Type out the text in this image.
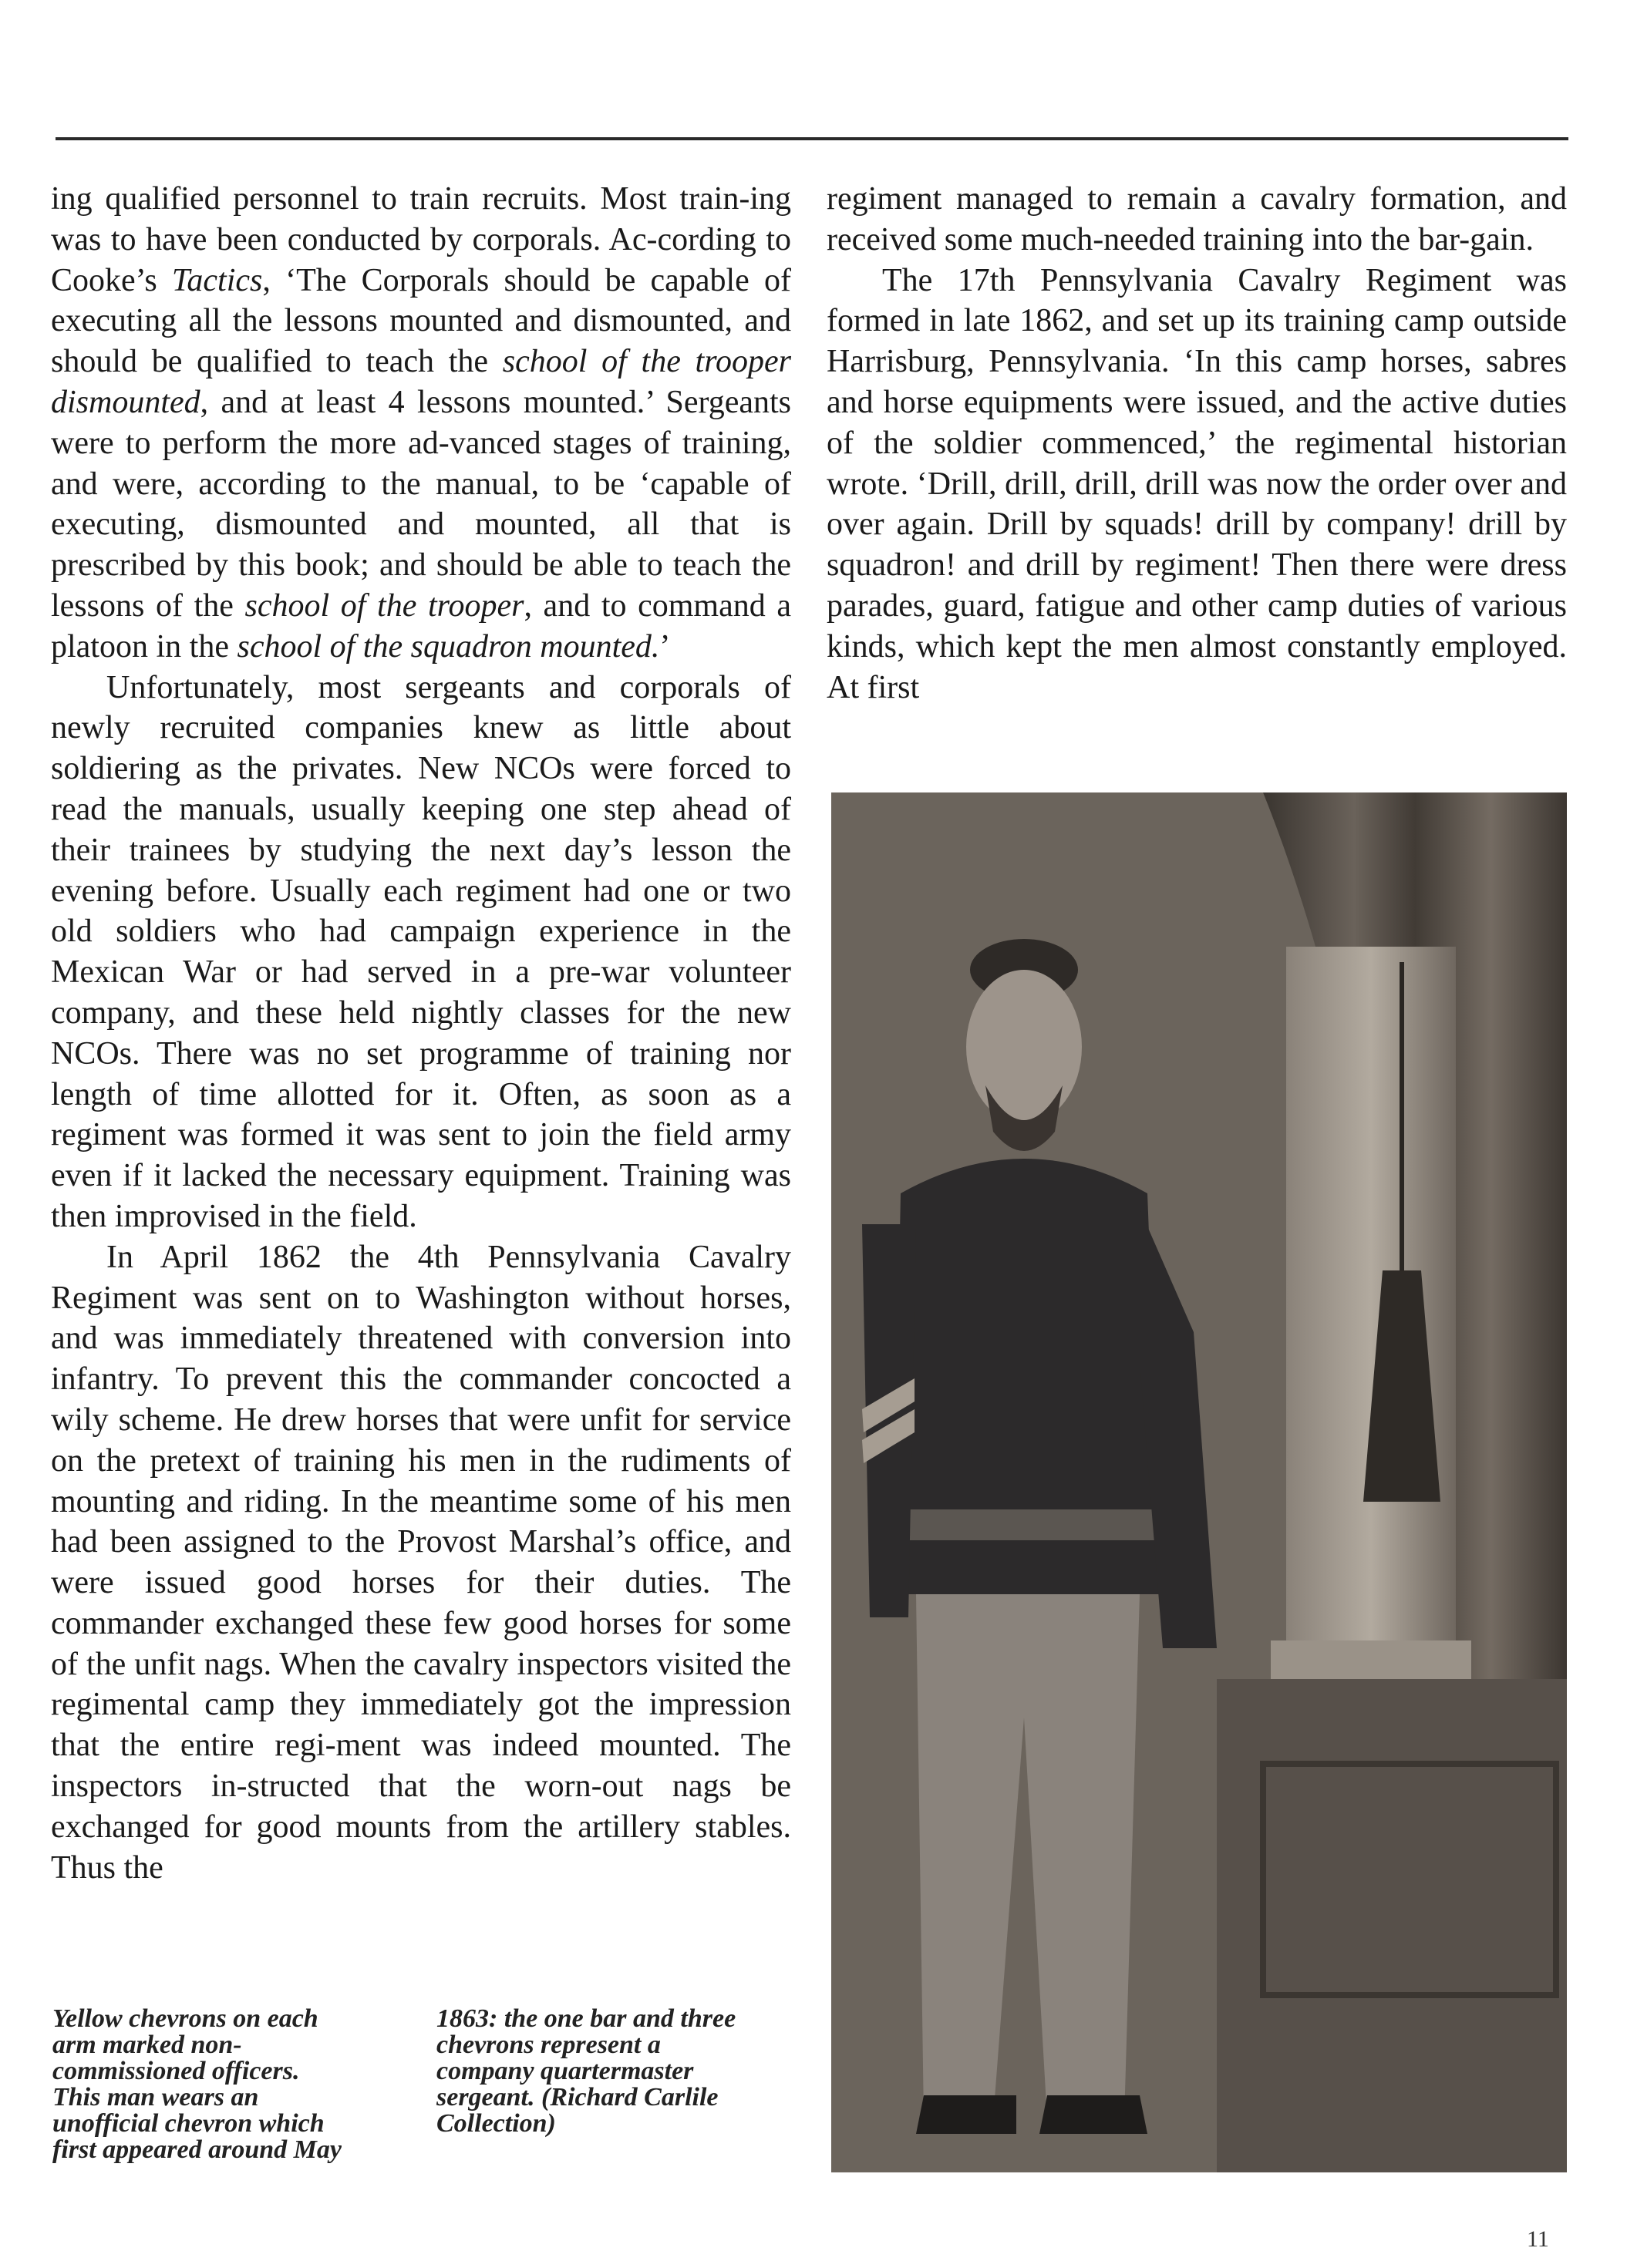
ing qualified personnel to train recruits. Most train-ing was to have been conducted by corporals. Ac-cording to Cooke’s Tactics, ‘The Corporals should be capable of executing all the lessons mounted and dismounted, and should be qualified to teach the school of the trooper dismounted, and at least 4 lessons mounted.’ Sergeants were to perform the more ad-vanced stages of training, and were, according to the manual, to be ‘capable of executing, dismounted and mounted, all that is prescribed by this book; and should be able to teach the lessons of the school of the trooper, and to command a platoon in the school of the squadron mounted.’

Unfortunately, most sergeants and corporals of newly recruited companies knew as little about soldiering as the privates. New NCOs were forced to read the manuals, usually keeping one step ahead of their trainees by studying the next day’s lesson the evening before. Usually each regiment had one or two old soldiers who had campaign experience in the Mexican War or had served in a pre-war volunteer company, and these held nightly classes for the new NCOs. There was no set programme of training nor length of time allotted for it. Often, as soon as a regiment was formed it was sent to join the field army even if it lacked the necessary equipment. Training was then improvised in the field.

In April 1862 the 4th Pennsylvania Cavalry Regiment was sent on to Washington without horses, and was immediately threatened with conversion into infantry. To prevent this the commander concocted a wily scheme. He drew horses that were unfit for service on the pretext of training his men in the rudiments of mounting and riding. In the meantime some of his men had been assigned to the Provost Marshal’s office, and were issued good horses for their duties. The commander exchanged these few good horses for some of the unfit nags. When the cavalry inspectors visited the regimental camp they immediately got the impression that the entire regi-ment was indeed mounted. The inspectors in-structed that the worn-out nags be exchanged for good mounts from the artillery stables. Thus the

regiment managed to remain a cavalry formation, and received some much-needed training into the bar-gain.

The 17th Pennsylvania Cavalry Regiment was formed in late 1862, and set up its training camp outside Harrisburg, Pennsylvania. ‘In this camp horses, sabres and horse equipments were issued, and the active duties of the soldier commenced,’ the regimental historian wrote. ‘Drill, drill, drill, drill was now the order over and over again. Drill by squads! drill by company! drill by squadron! and drill by regiment! Then there were dress parades, guard, fatigue and other camp duties of various kinds, which kept the men almost constantly employed. At first

Yellow chevrons on each
arm marked non-
commissioned officers.
This man wears an
unofficial chevron which
first appeared around May
1863: the one bar and three
chevrons represent a
company quartermaster
sergeant. (Richard Carlile
Collection)
11
